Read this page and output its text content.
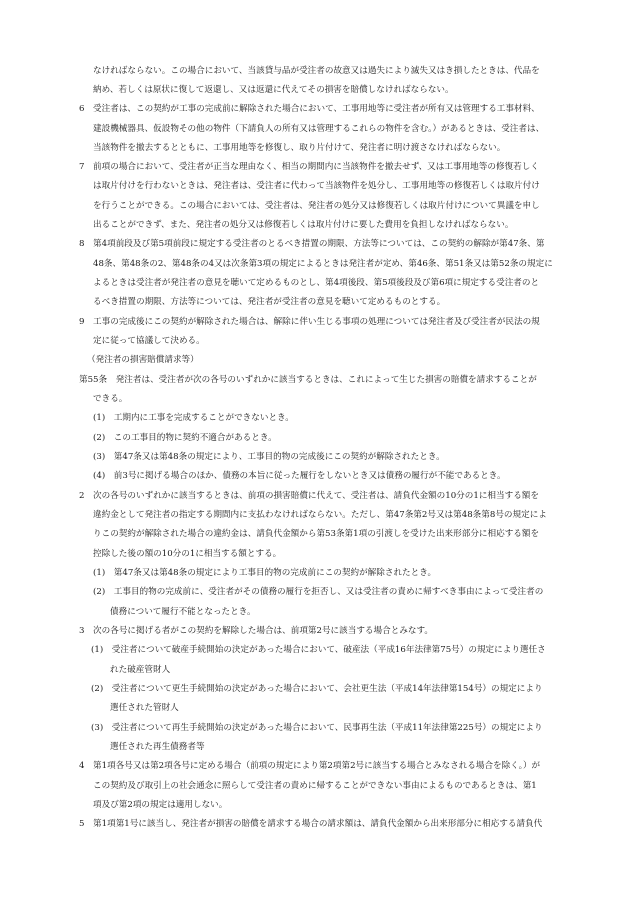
なければならない。この場合において、当該貸与品が受注者の故意又は過失により滅失又はき損したときは、代品を
納め、若しくは原状に復して返還し、又は返還に代えてその損害を賠償しなければならない。
6　受注者は、この契約が工事の完成前に解除された場合において、工事用地等に受注者が所有又は管理する工事材料、
建設機械器具、仮設物その他の物件（下請負人の所有又は管理するこれらの物件を含む。）があるときは、受注者は、
当該物件を撤去するとともに、工事用地等を修復し、取り片付けて、発注者に明け渡さなければならない。
7　前項の場合において、受注者が正当な理由なく、相当の期間内に当該物件を撤去せず、又は工事用地等の修復若しく
は取片付けを行わないときは、発注者は、受注者に代わって当該物件を処分し、工事用地等の修復若しくは取片付け
を行うことができる。この場合においては、受注者は、発注者の処分又は修復若しくは取片付けについて異議を申し
出ることができず、また、発注者の処分又は修復若しくは取片付けに要した費用を負担しなければならない。
8　第4項前段及び第5項前段に規定する受注者のとるべき措置の期限、方法等については、この契約の解除が第47条、第
48条、第48条の2、第48条の4又は次条第3項の規定によるときは発注者が定め、第46条、第51条又は第52条の規定に
よるときは受注者が発注者の意見を聴いて定めるものとし、第4項後段、第5項後段及び第6項に規定する受注者のと
るべき措置の期限、方法等については、発注者が受注者の意見を聴いて定めるものとする。
9　工事の完成後にこの契約が解除された場合は、解除に伴い生じる事項の処理については発注者及び受注者が民法の規
定に従って協議して決める。
（発注者の損害賠償請求等）
第55条　発注者は、受注者が次の各号のいずれかに該当するときは、これによって生じた損害の賠償を請求することが
できる。
(1)　工期内に工事を完成することができないとき。
(2)　この工事目的物に契約不適合があるとき。
(3)　第47条又は第48条の規定により、工事目的物の完成後にこの契約が解除されたとき。
(4)　前3号に掲げる場合のほか、債務の本旨に従った履行をしないとき又は債務の履行が不能であるとき。
2　次の各号のいずれかに該当するときは、前項の損害賠償に代えて、受注者は、請負代金額の10分の1に相当する額を
違約金として発注者の指定する期間内に支払わなければならない。ただし、第47条第2号又は第48条第8号の規定によ
りこの契約が解除された場合の違約金は、請負代金額から第53条第1項の引渡しを受けた出来形部分に相応する額を
控除した後の額の10分の1に相当する額とする。
(1)　第47条又は第48条の規定により工事目的物の完成前にこの契約が解除されたとき。
(2)　工事目的物の完成前に、受注者がその債務の履行を拒否し、又は受注者の責めに帰すべき事由によって受注者の
債務について履行不能となったとき。
3　次の各号に掲げる者がこの契約を解除した場合は、前項第2号に該当する場合とみなす。
(1)　受注者について破産手続開始の決定があった場合において、破産法（平成16年法律第75号）の規定により選任さ
れた破産管財人
(2)　受注者について更生手続開始の決定があった場合において、会社更生法（平成14年法律第154号）の規定により
選任された管財人
(3)　受注者について再生手続開始の決定があった場合において、民事再生法（平成11年法律第225号）の規定により
選任された再生債務者等
4　第1項各号又は第2項各号に定める場合（前項の規定により第2項第2号に該当する場合とみなされる場合を除く。）が
この契約及び取引上の社会通念に照らして受注者の責めに帰することができない事由によるものであるときは、第1
項及び第2項の規定は適用しない。
5　第1項第1号に該当し、発注者が損害の賠償を請求する場合の請求額は、請負代金額から出来形部分に相応する請負代
